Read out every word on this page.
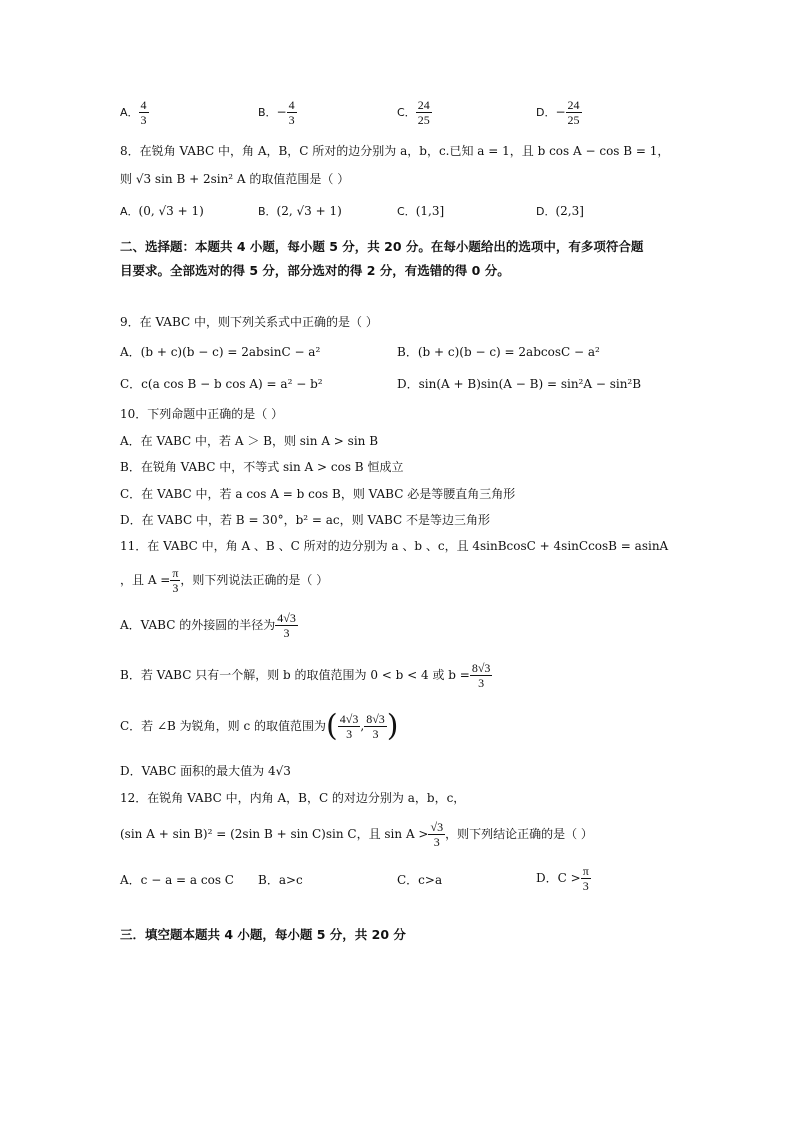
A． $\frac{4}{3}$	B．− $\frac{4}{3}$	C． $\frac{24}{25}$	D．− $\frac{24}{25}$
8．在锐角 VABC 中，角 A，B，C 所对的边分别为 a，b，c.已知 a = 1，且 b cos A − cos B = 1，
则 √3 sin B + 2sin² A 的取值范围是（ ）
A．(0, √3 + 1)	B．(2, √3 + 1)	C．(1,3]	D．(2,3]
二、选择题：本题共 4 小题，每小题 5 分，共 20 分。在每小题给出的选项中，有多项符合题
目要求。全部选对的得 5 分，部分选对的得 2 分，有选错的得 0 分。
9．在 VABC 中，则下列关系式中正确的是（ ）
A．(b + c)(b − c) = 2absinC − a²	B．(b + c)(b − c) = 2abcosC − a²
C．c(a cos B − b cos A) = a² − b²	D．sin(A + B)sin(A − B) = sin²A − sin²B
10．下列命题中正确的是（ ）
A．在 VABC 中，若 A ＞ B，则 sin A > sin B
B．在锐角 VABC 中，不等式 sin A > cos B 恒成立
C．在 VABC 中，若 a cos A = b cos B，则 VABC 必是等腰直角三角形
D．在 VABC 中，若 B = 30°，b² = ac，则 VABC 不是等边三角形
11．在 VABC 中，角 A 、B 、C 所对的边分别为 a 、b 、c，且 4sinBcosC + 4sinCcosB = asinA
，且 $A = \frac{\pi}{3}$ ，则下列说法正确的是（ ）
A．VABC 的外接圆的半径为 $\frac{4√3}{3}$
B．若 VABC 只有一个解，则 b 的取值范围为 0 < b < 4 或 $b = \frac{8√3}{3}$
C．若 ∠B 为锐角，则 c 的取值范围为( $\frac{4√3}{3}$ , $\frac{8√3}{3}$ )
D．VABC 面积的最大值为 4√3
12．在锐角 VABC 中，内角 A，B，C 的对边分别为 a，b，c，
(sin A + sin B)² = (2sin B + sin C)sin C，且 $\sin A > \frac{√3}{3}$ ，则下列结论正确的是（ ）
A．c − a = a cos C B．a>c	C．c>a	D．$C > \frac{\pi}{3}$
三．填空题本题共 4 小题，每小题 5 分，共 20 分
